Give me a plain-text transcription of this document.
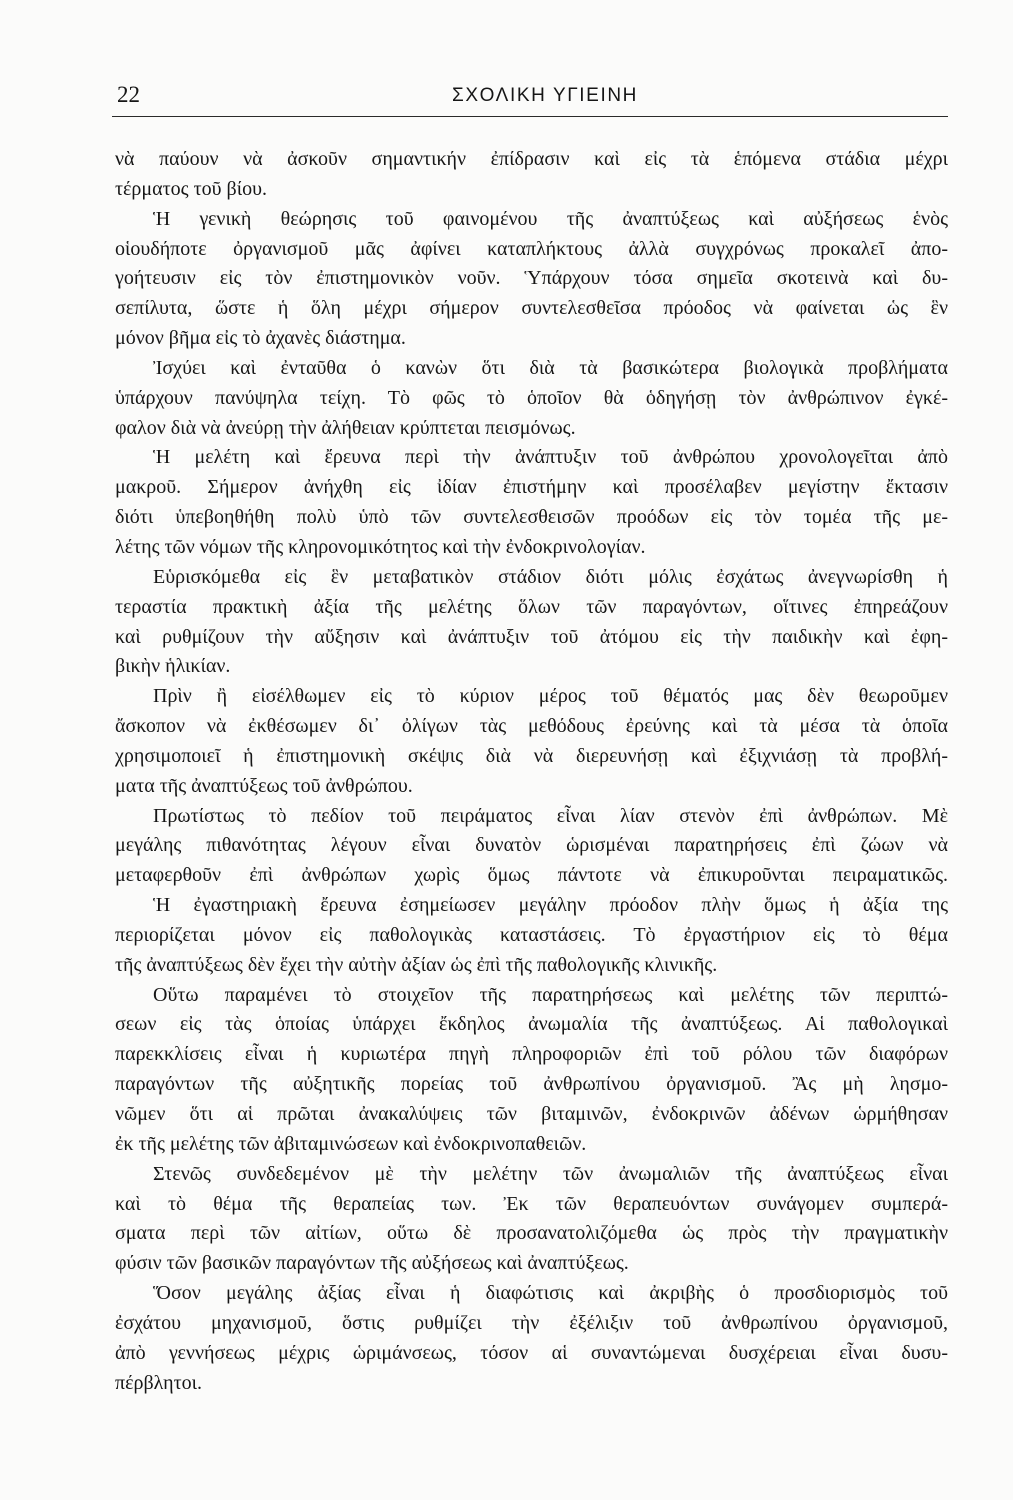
22	ΣΧΟΛΙΚΗ ΥΓΙΕΙΝΗ
νὰ παύουν νὰ ἀσκοῦν σημαντικήν ἐπίδρασιν καὶ εἰς τὰ ἑπόμενα στάδια μέχρι
τέρματος τοῦ βίου.
Ἡ γενικὴ θεώρησις τοῦ φαινομένου τῆς ἀναπτύξεως καὶ αὐξήσεως ἑνὸς
οἱουδήποτε ὀργανισμοῦ μᾶς ἀφίνει καταπλήκτους ἀλλὰ συγχρόνως προκαλεῖ ἀπο-
γοήτευσιν εἰς τὸν ἐπιστημονικὸν νοῦν. Ὑπάρχουν τόσα σημεῖα σκοτεινὰ καὶ δυ-
σεπίλυτα, ὥστε ἡ ὅλη μέχρι σήμερον συντελεσθεῖσα πρόοδος νὰ φαίνεται ὡς ἓν
μόνον βῆμα εἰς τὸ ἀχανὲς διάστημα.
Ἰσχύει καὶ ἐνταῦθα ὁ κανὼν ὅτι διὰ τὰ βασικώτερα βιολογικὰ προβλήματα
ὑπάρχουν πανύψηλα τείχη. Τὸ φῶς τὸ ὁποῖον θὰ ὁδηγήσῃ τὸν ἀνθρώπινον ἐγκέ-
φαλον διὰ νὰ ἀνεύρῃ τὴν ἀλήθειαν κρύπτεται πεισμόνως.
Ἡ μελέτη καὶ ἔρευνα περὶ τὴν ἀνάπτυξιν τοῦ ἀνθρώπου χρονολογεῖται ἀπὸ
μακροῦ. Σήμερον ἀνήχθη εἰς ἰδίαν ἐπιστήμην καὶ προσέλαβεν μεγίστην ἔκτασιν
διότι ὑπεβοηθήθη πολὺ ὑπὸ τῶν συντελεσθεισῶν προόδων εἰς τὸν τομέα τῆς με-
λέτης τῶν νόμων τῆς κληρονομικότητος καὶ τὴν ἐνδοκρινολογίαν.
Εὑρισκόμεθα εἰς ἓν μεταβατικὸν στάδιον διότι μόλις ἐσχάτως ἀνεγνωρίσθη ἡ
τεραστία πρακτικὴ ἀξία τῆς μελέτης ὅλων τῶν παραγόντων, οἵτινες ἐπηρεάζουν
καὶ ρυθμίζουν τὴν αὔξησιν καὶ ἀνάπτυξιν τοῦ ἀτόμου εἰς τὴν παιδικὴν καὶ ἐφη-
βικὴν ἡλικίαν.
Πρὶν ἢ εἰσέλθωμεν εἰς τὸ κύριον μέρος τοῦ θέματός μας δὲν θεωροῦμεν
ἄσκοπον νὰ ἐκθέσωμεν δι᾿ ὀλίγων τὰς μεθόδους ἐρεύνης καὶ τὰ μέσα τὰ ὁποῖα
χρησιμοποιεῖ ἡ ἐπιστημονικὴ σκέψις διὰ νὰ διερευνήσῃ καὶ ἐξιχνιάσῃ τὰ προβλή-
ματα τῆς ἀναπτύξεως τοῦ ἀνθρώπου.
Πρωτίστως τὸ πεδίον τοῦ πειράματος εἶναι λίαν στενὸν ἐπὶ ἀνθρώπων. Μὲ
μεγάλης πιθανότητας λέγουν εἶναι δυνατὸν ὡρισμέναι παρατηρήσεις ἐπὶ ζώων νὰ
μεταφερθοῦν ἐπὶ ἀνθρώπων χωρὶς ὅμως πάντοτε νὰ ἐπικυροῦνται πειραματικῶς.
Ἡ ἐγαστηριακὴ ἔρευνα ἐσημείωσεν μεγάλην πρόοδον πλὴν ὅμως ἡ ἀξία της
περιορίζεται μόνον εἰς παθολογικὰς καταστάσεις. Τὸ ἐργαστήριον εἰς τὸ θέμα
τῆς ἀναπτύξεως δὲν ἔχει τὴν αὐτὴν ἀξίαν ὡς ἐπὶ τῆς παθολογικῆς κλινικῆς.
Οὕτω παραμένει τὸ στοιχεῖον τῆς παρατηρήσεως καὶ μελέτης τῶν περιπτώ-
σεων εἰς τὰς ὁποίας ὑπάρχει ἔκδηλος ἀνωμαλία τῆς ἀναπτύξεως. Αἱ παθολογικαὶ
παρεκκλίσεις εἶναι ἡ κυριωτέρα πηγὴ πληροφοριῶν ἐπὶ τοῦ ρόλου τῶν διαφόρων
παραγόντων τῆς αὐξητικῆς πορείας τοῦ ἀνθρωπίνου ὀργανισμοῦ. Ἂς μὴ λησμο-
νῶμεν ὅτι αἱ πρῶται ἀνακαλύψεις τῶν βιταμινῶν, ἐνδοκρινῶν ἀδένων ὡρμήθησαν
ἐκ τῆς μελέτης τῶν ἀβιταμινώσεων καὶ ἐνδοκρινοπαθειῶν.
Στενῶς συνδεδεμένον μὲ τὴν μελέτην τῶν ἀνωμαλιῶν τῆς ἀναπτύξεως εἶναι
καὶ τὸ θέμα τῆς θεραπείας των. Ἐκ τῶν θεραπευόντων συνάγομεν συμπερά-
σματα περὶ τῶν αἰτίων, οὕτω δὲ προσανατολιζόμεθα ὡς πρὸς τὴν πραγματικὴν
φύσιν τῶν βασικῶν παραγόντων τῆς αὐξήσεως καὶ ἀναπτύξεως.
Ὅσον μεγάλης ἀξίας εἶναι ἡ διαφώτισις καὶ ἀκριβὴς ὁ προσδιορισμὸς τοῦ
ἐσχάτου μηχανισμοῦ, ὅστις ρυθμίζει τὴν ἐξέλιξιν τοῦ ἀνθρωπίνου ὀργανισμοῦ,
ἀπὸ γεννήσεως μέχρις ὡριμάνσεως, τόσον αἱ συναντώμεναι δυσχέρειαι εἶναι δυσυ-
πέρβλητοι.
